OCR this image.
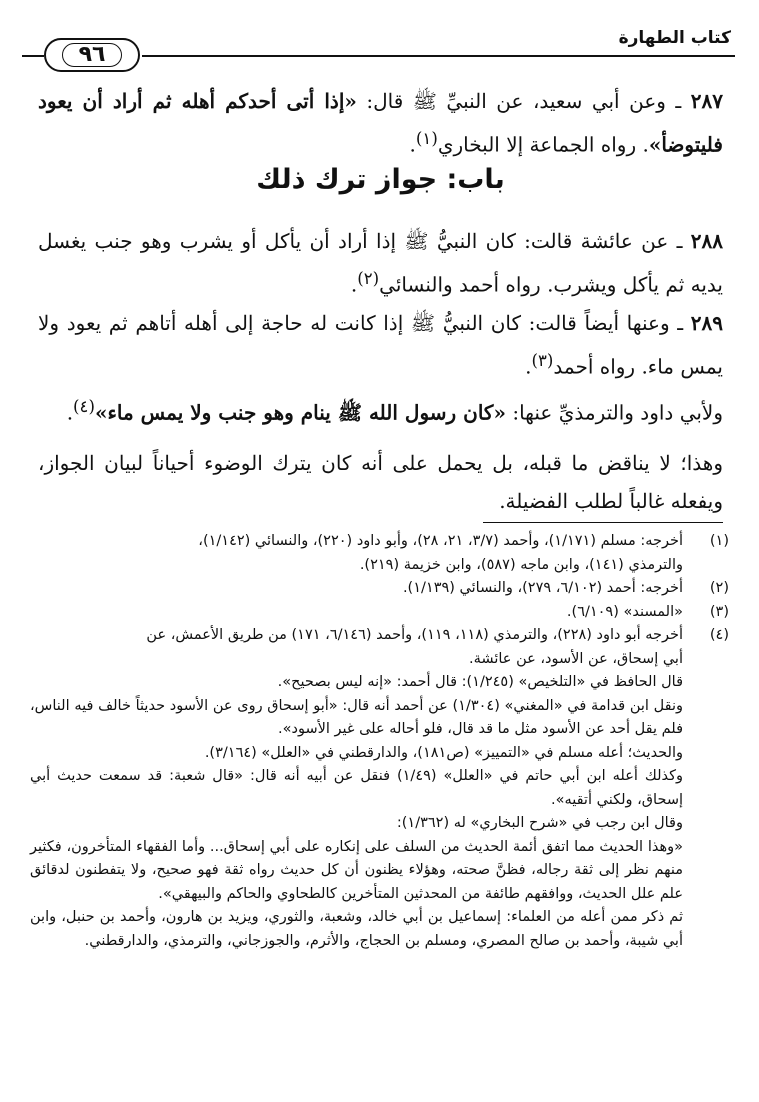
كتاب الطهارة
٩٦

٢٨٧ ـ وعن أبي سعيد، عن النبيِّ ﷺ قال: «إذا أتى أحدكم أهله ثم أراد أن يعود فليتوضأ». رواه الجماعة إلا البخاري$^{(١)}$.

باب: جواز ترك ذلك

٢٨٨ ـ عن عائشة قالت: كان النبيُّ ﷺ إذا أراد أن يأكل أو يشرب وهو جنب يغسل يديه ثم يأكل ويشرب. رواه أحمد والنسائي$^{(٢)}$.

٢٨٩ ـ وعنها أيضاً قالت: كان النبيُّ ﷺ إذا كانت له حاجة إلى أهله أتاهم ثم يعود ولا يمس ماء. رواه أحمد$^{(٣)}$.

ولأبي داود والترمذيِّ عنها: «كان رسول الله ﷺ ينام وهو جنب ولا يمس ماء»$^{(٤)}$.

وهذا؛ لا يناقض ما قبله، بل يحمل على أنه كان يترك الوضوء أحياناً لبيان الجواز، ويفعله غالباً لطلب الفضيلة.

(١)
أخرجه: مسلم (١/١٧١)، وأحمد (٣/٧، ٢١، ٢٨)، وأبو داود (٢٢٠)، والنسائي (١/١٤٢)،
والترمذي (١٤١)، وابن ماجه (٥٨٧)، وابن خزيمة (٢١٩).
(٢)
أخرجه: أحمد (٦/١٠٢، ٢٧٩)، والنسائي (١/١٣٩).
(٣)
«المسند» (٦/١٠٩).
(٤)
أخرجه أبو داود (٢٢٨)، والترمذي (١١٨، ١١٩)، وأحمد (٦/١٤٦، ١٧١) من طريق الأعمش، عن
أبي إسحاق، عن الأسود، عن عائشة.
قال الحافظ في «التلخيص» (١/٢٤٥): قال أحمد: «إنه ليس بصحيح».
ونقل ابن قدامة في «المغني» (١/٣٠٤) عن أحمد أنه قال: «أبو إسحاق روى عن الأسود حديثاً خالف فيه الناس، فلم يقل أحد عن الأسود مثل ما قد قال، فلو أحاله على غير الأسود».
والحديث؛ أعله مسلم في «التمييز» (ص١٨١)، والدارقطني في «العلل» (٣/١٦٤).
وكذلك أعله ابن أبي حاتم في «العلل» (١/٤٩) فنقل عن أبيه أنه قال: «قال شعبة: قد سمعت حديث أبي إسحاق، ولكني أتقيه».
وقال ابن رجب في «شرح البخاري» له (١/٣٦٢):
«وهذا الحديث مما اتفق أئمة الحديث من السلف على إنكاره على أبي إسحاق... وأما الفقهاء المتأخرون، فكثير منهم نظر إلى ثقة رجاله، فظنَّ صحته، وهؤلاء يظنون أن كل حديث رواه ثقة فهو صحيح، ولا يتفطنون لدقائق علم علل الحديث، ووافقهم طائفة من المحدثين المتأخرين كالطحاوي والحاكم والبيهقي».
ثم ذكر ممن أعله من العلماء: إسماعيل بن أبي خالد، وشعبة، والثوري، ويزيد بن هارون، وأحمد بن حنبل، وابن أبي شيبة، وأحمد بن صالح المصري، ومسلم بن الحجاج، والأثرم، والجوزجاني، والترمذي، والدارقطني.
